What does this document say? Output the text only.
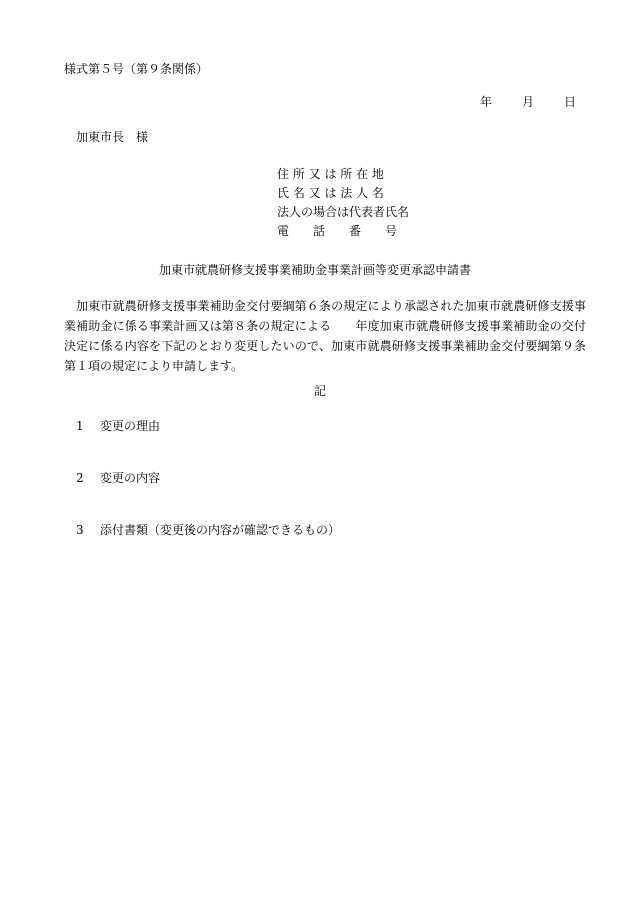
様式第５号（第９条関係）
年	月	日
加東市長　様
住 所 又 は 所 在 地
氏 名 又 は 法 人 名
法人の場合は代表者氏名
電　　話　　番　　号
加東市就農研修支援事業補助金事業計画等変更承認申請書
加東市就農研修支援事業補助金交付要綱第６条の規定により承認された加東市就農研修支援事業補助金に係る事業計画又は第８条の規定による　　年度加東市就農研修支援事業補助金の交付決定に係る内容を下記のとおり変更したいので、加東市就農研修支援事業補助金交付要綱第９条第１項の規定により申請します。
記
1 変更の理由
2 変更の内容
3 添付書類（変更後の内容が確認できるもの）
